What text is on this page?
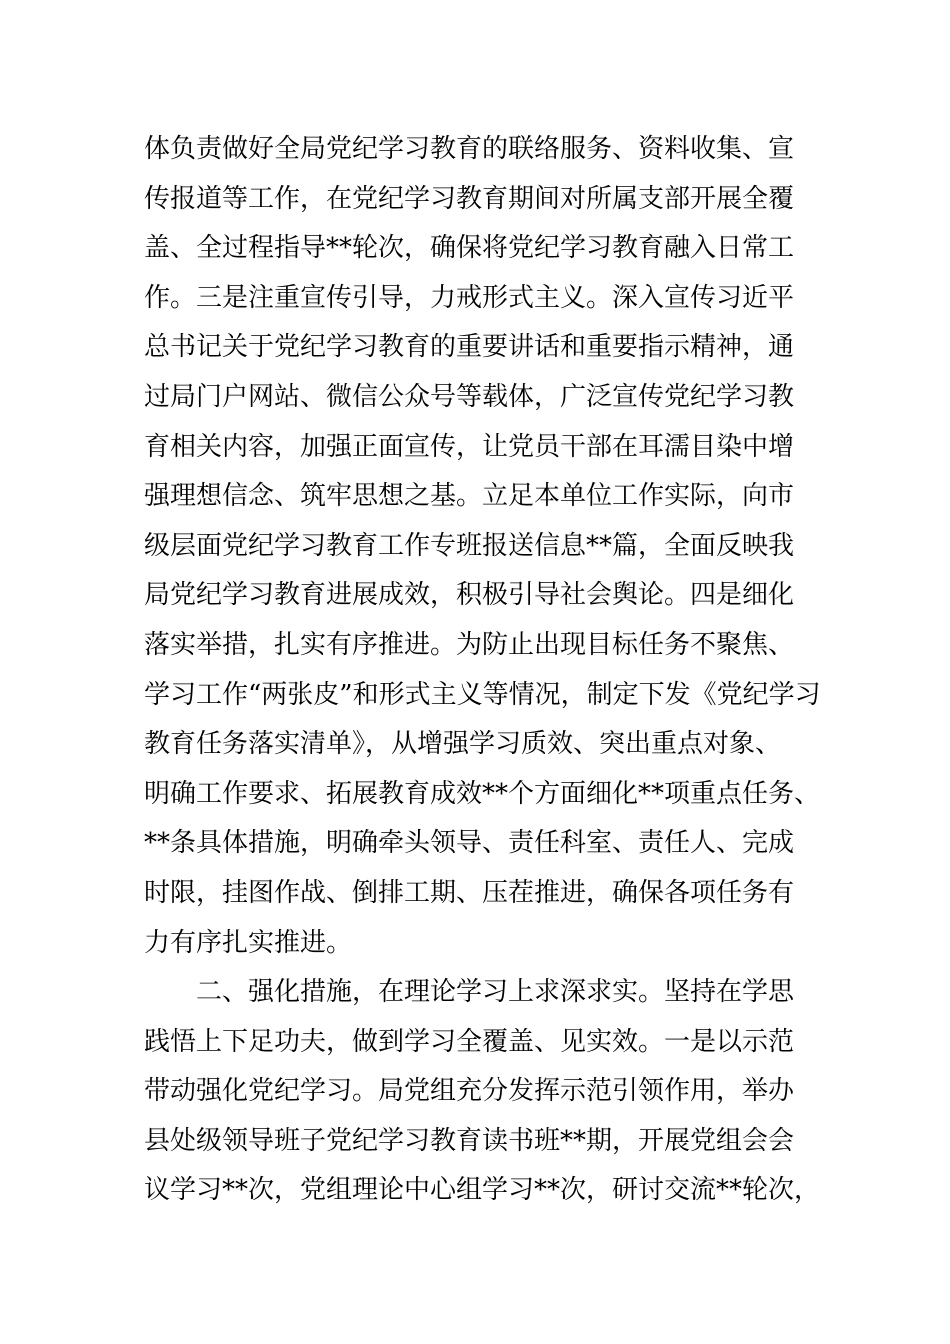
体负责做好全局党纪学习教育的联络服务、资料收集、宣
传报道等工作，在党纪学习教育期间对所属支部开展全覆
盖、全过程指导**轮次，确保将党纪学习教育融入日常工
作。三是注重宣传引导，力戒形式主义。深入宣传习近平
总书记关于党纪学习教育的重要讲话和重要指示精神，通
过局门户网站、微信公众号等载体，广泛宣传党纪学习教
育相关内容，加强正面宣传，让党员干部在耳濡目染中增
强理想信念、筑牢思想之基。立足本单位工作实际，向市
级层面党纪学习教育工作专班报送信息**篇，全面反映我
局党纪学习教育进展成效，积极引导社会舆论。四是细化
落实举措，扎实有序推进。为防止出现目标任务不聚焦、
学习工作“两张皮”和形式主义等情况，制定下发《党纪学习
教育任务落实清单》，从增强学习质效、突出重点对象、
明确工作要求、拓展教育成效**个方面细化**项重点任务、
**条具体措施，明确牵头领导、责任科室、责任人、完成
时限，挂图作战、倒排工期、压茬推进，确保各项任务有
力有序扎实推进。
　　二、强化措施，在理论学习上求深求实。坚持在学思
践悟上下足功夫，做到学习全覆盖、见实效。一是以示范
带动强化党纪学习。局党组充分发挥示范引领作用，举办
县处级领导班子党纪学习教育读书班**期，开展党组会会
议学习**次，党组理论中心组学习**次，研讨交流**轮次，
